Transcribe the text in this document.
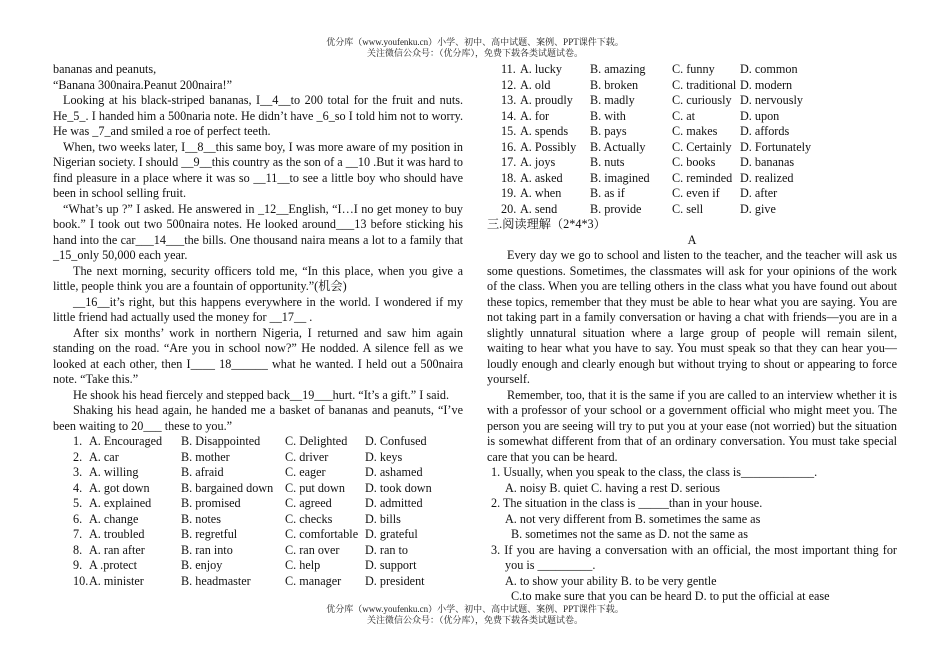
优分库（www.youfenku.cn）小学、初中、高中试题、案例、PPT课件下载。
关注微信公众号：（优分库），免费下载各类试题试卷。

bananas and peanuts,

“Banana 300naira.Peanut 200naira!”

Looking at his black-striped bananas, I__4__to 200 total for the fruit and nuts. He_5_. I handed him a 500naria note. He didn’t have _6_so I told him not to worry. He was _7_and smiled a roe of perfect teeth.

When, two weeks later, I__8__this same boy, I was more aware of my position in Nigerian society. I should __9__this country as the son of a __10 .But it was hard to find pleasure in a place where it was so __11__to see a little boy who should have been in school selling fruit.

“What’s up ?” I asked. He answered in _12__English, “I…I no get money to buy book.” I took out two 500naira notes. He looked around___13 before sticking his hand into the car___14___the bills. One thousand naira means a lot to a family that _15_only 50,000 each year.

The next morning, security officers told me, “In this place, when you give a little, people think you are a fountain of opportunity.”(机会)

__16__it’s right, but this happens everywhere in the world. I wondered if my little friend had actually used the money for __17__ .

After six months’ work in northern Nigeria, I returned and saw him again standing on the road. “Are you in school now?” He nodded. A silence fell as we looked at each other, then I____ 18______ what he wanted. I held out a 500naira note. “Take this.”

He shook his head fiercely and stepped back__19___hurt. “It’s a gift.” I said.

Shaking his head again, he handed me a basket of bananas and peanuts, “I’ve been waiting to 20___ these to you.”

1. A. Encouraged B. Disappointed C. Delighted D. Confused
2. A. car	B. mother	C. driver	D. keys
3. A. willing	B. afraid	C. eager	D. ashamed
4. A. got down	B. bargained down C. put down D. took down
5. A. explained B. promised	C. agreed	D. admitted
6. A. change	B. notes	C. checks	D. bills
7. A. troubled	B. regretful	C. comfortable D. grateful
8. A. ran after	B. ran into	C. ran over D. ran to
9. A .protect	B. enjoy	C. help	D. support
10.A. minister	B. headmaster	C. manager D. president
11. A. lucky B. amazing C. funny D. common
12. A. old	B. broken	C. traditional D. modern
13. A. proudly B. madly	C. curiously D. nervously
14. A. for	B. with	C. at	D. upon
15. A. spends B. pays	C. makes D. affords
16. A. Possibly B. Actually C. Certainly D. Fortunately
17. A. joys	B. nuts	C. books D. bananas
18. A. asked B. imagined C. reminded D. realized
19. A. when B. as if	C. even if D. after
20. A. send	B. provide	C. sell	D. give

三.阅读理解（2*4*3）

A

Every day we go to school and listen to the teacher, and the teacher will ask us some questions. Sometimes, the classmates will ask for your opinions of the work of the class. When you are telling others in the class what you have found out about these topics, remember that they must be able to hear what you are saying. You are not taking part in a family conversation or having a chat with friends—you are in a slightly unnatural situation where a large group of people will remain silent, waiting to hear what you have to say. You must speak so that they can hear you—loudly enough and clearly enough but without trying to shout or appearing to force yourself.

Remember, too, that it is the same if you are called to an interview whether it is with a professor of your school or a government official who might meet you. The person you are seeing will try to put you at your ease (not worried) but the situation is somewhat different from that of an ordinary conversation. You must take special care that you can be heard.

1. Usually, when you speak to the class, the class is____________.

A. noisy B. quiet C. having a rest D. serious

2. The situation in the class is _____than in your house.

A. not very different from B. sometimes the same as

B. sometimes not the same as D. not the same as

3. If you are having a conversation with an official, the most important thing for you is _________.

A. to show your ability B. to be very gentle

C.to make sure that you can be heard D. to put the official at ease

优分库（www.youfenku.cn）小学、初中、高中试题、案例、PPT课件下载。
关注微信公众号：（优分库），免费下载各类试题试卷。
